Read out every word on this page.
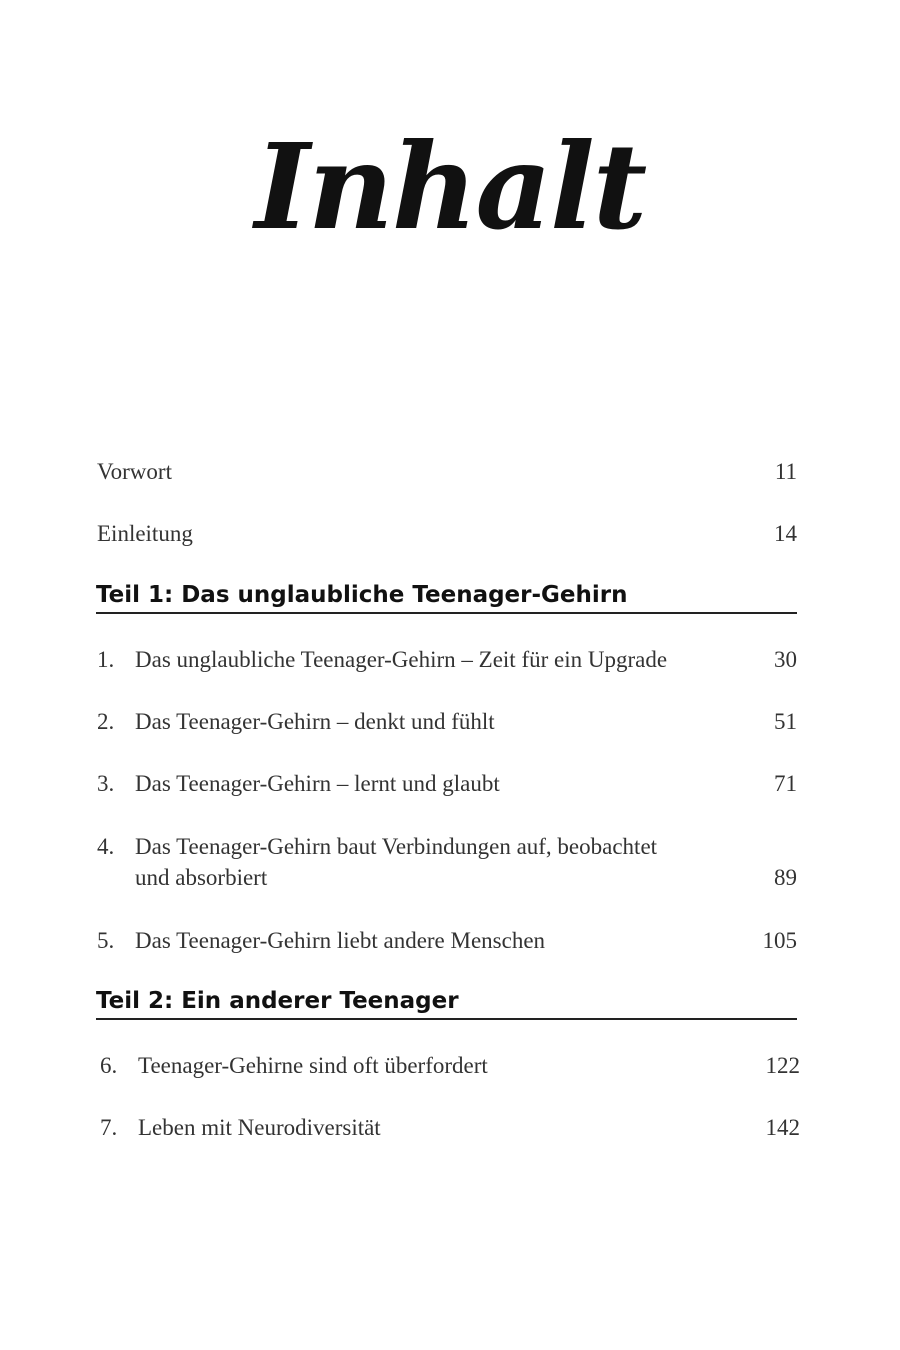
Inhalt
Vorwort	11
Einleitung	14
Teil 1: Das unglaubliche Teenager-Gehirn
1. Das unglaubliche Teenager-Gehirn – Zeit für ein Upgrade	30
2. Das Teenager-Gehirn – denkt und fühlt	51
3. Das Teenager-Gehirn – lernt und glaubt	71
4. Das Teenager-Gehirn baut Verbindungen auf, beobachtet
und absorbiert	89
5. Das Teenager-Gehirn liebt andere Menschen	105
Teil 2: Ein anderer Teenager
6. Teenager-Gehirne sind oft überfordert	122
7. Leben mit Neurodiversität	142
